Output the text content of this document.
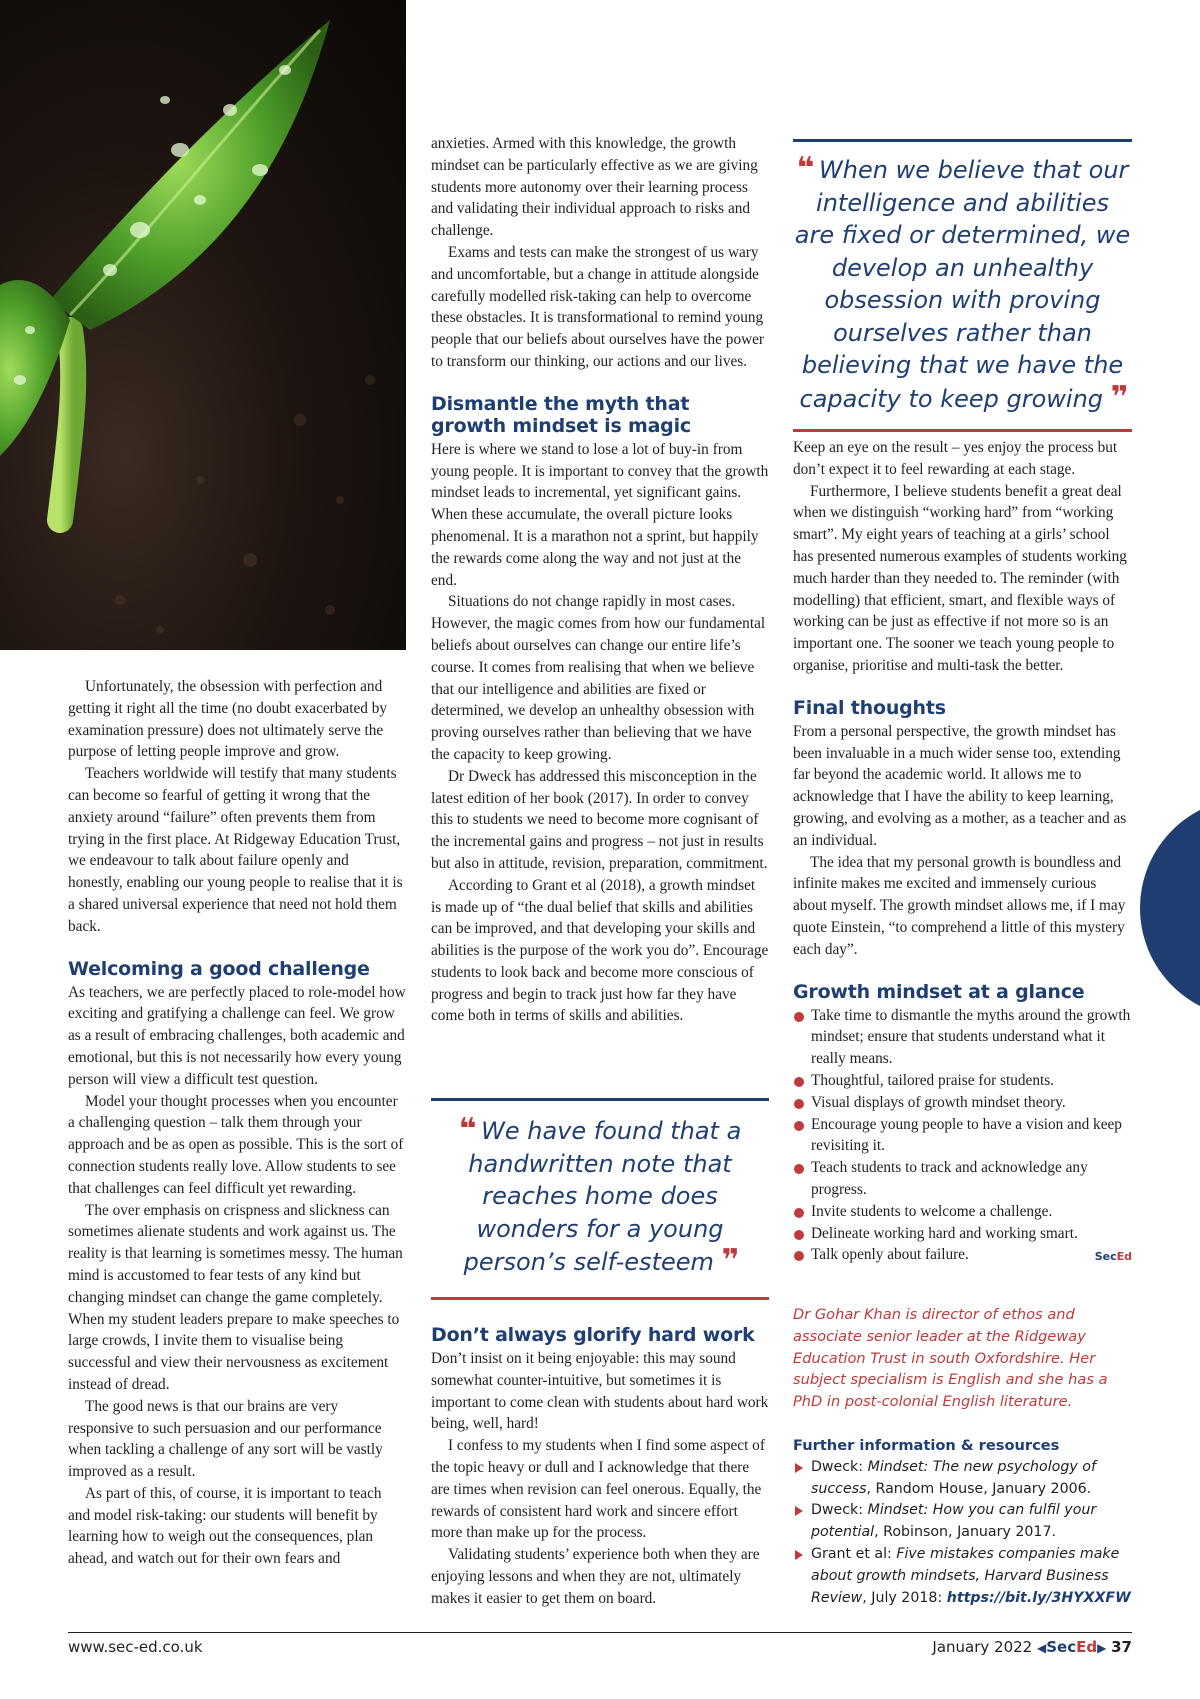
Unfortunately, the obsession with perfection and getting it right all the time (no doubt exacerbated by examination pressure) does not ultimately serve the purpose of letting people improve and grow.

Teachers worldwide will testify that many students can become so fearful of getting it wrong that the anxiety around “failure” often prevents them from trying in the first place. At Ridgeway Education Trust, we endeavour to talk about failure openly and honestly, enabling our young people to realise that it is a shared universal experience that need not hold them back.

Welcoming a good challenge

As teachers, we are perfectly placed to role-model how exciting and gratifying a challenge can feel. We grow as a result of embracing challenges, both academic and emotional, but this is not necessarily how every young person will view a difficult test question.

Model your thought processes when you encounter a challenging question – talk them through your approach and be as open as possible. This is the sort of connection students really love. Allow students to see that challenges can feel difficult yet rewarding.

The over emphasis on crispness and slickness can sometimes alienate students and work against us. The reality is that learning is sometimes messy. The human mind is accustomed to fear tests of any kind but changing mindset can change the game completely. When my student leaders prepare to make speeches to large crowds, I invite them to visualise being successful and view their nervousness as excitement instead of dread.

The good news is that our brains are very responsive to such persuasion and our performance when tackling a challenge of any sort will be vastly improved as a result.

As part of this, of course, it is important to teach and model risk-taking: our students will benefit by learning how to weigh out the consequences, plan ahead, and watch out for their own fears and

anxieties. Armed with this knowledge, the growth mindset can be particularly effective as we are giving students more autonomy over their learning process and validating their individual approach to risks and challenge.

Exams and tests can make the strongest of us wary and uncomfortable, but a change in attitude alongside carefully modelled risk-taking can help to overcome these obstacles. It is transformational to remind young people that our beliefs about ourselves have the power to transform our thinking, our actions and our lives.

Dismantle the myth that growth mindset is magic

Here is where we stand to lose a lot of buy-in from young people. It is important to convey that the growth mindset leads to incremental, yet significant gains. When these accumulate, the overall picture looks phenomenal. It is a marathon not a sprint, but happily the rewards come along the way and not just at the end.

Situations do not change rapidly in most cases. However, the magic comes from how our fundamental beliefs about ourselves can change our entire life’s course. It comes from realising that when we believe that our intelligence and abilities are fixed or determined, we develop an unhealthy obsession with proving ourselves rather than believing that we have the capacity to keep growing.

Dr Dweck has addressed this misconception in the latest edition of her book (2017). In order to convey this to students we need to become more cognisant of the incremental gains and progress – not just in results but also in attitude, revision, preparation, commitment.

According to Grant et al (2018), a growth mindset is made up of “the dual belief that skills and abilities can be improved, and that developing your skills and abilities is the purpose of the work you do”. Encourage students to look back and become more conscious of progress and begin to track just how far they have come both in terms of skills and abilities.

❛❛ We have found that a handwritten note that reaches home does wonders for a young person’s self-esteem ❜❜
Don’t always glorify hard work

Don’t insist on it being enjoyable: this may sound somewhat counter-intuitive, but sometimes it is important to come clean with students about hard work being, well, hard!

I confess to my students when I find some aspect of the topic heavy or dull and I acknowledge that there are times when revision can feel onerous. Equally, the rewards of consistent hard work and sincere effort more than make up for the process.

Validating students’ experience both when they are enjoying lessons and when they are not, ultimately makes it easier to get them on board.

❛❛ When we believe that our intelligence and abilities are fixed or determined, we develop an unhealthy obsession with proving ourselves rather than believing that we have the capacity to keep growing ❜❜

Keep an eye on the result – yes enjoy the process but don’t expect it to feel rewarding at each stage.

Furthermore, I believe students benefit a great deal when we distinguish “working hard” from “working smart”. My eight years of teaching at a girls’ school has presented numerous examples of students working much harder than they needed to. The reminder (with modelling) that efficient, smart, and flexible ways of working can be just as effective if not more so is an important one. The sooner we teach young people to organise, prioritise and multi-task the better.

Final thoughts

From a personal perspective, the growth mindset has been invaluable in a much wider sense too, extending far beyond the academic world. It allows me to acknowledge that I have the ability to keep learning, growing, and evolving as a mother, as a teacher and as an individual.

The idea that my personal growth is boundless and infinite makes me excited and immensely curious about myself. The growth mindset allows me, if I may quote Einstein, “to comprehend a little of this mystery each day”.

Growth mindset at a glance
Take time to dismantle the myths around the growth mindset; ensure that students understand what it really means.
Thoughtful, tailored praise for students.
Visual displays of growth mindset theory.
Encourage young people to have a vision and keep revisiting it.
Teach students to track and acknowledge any progress.
Invite students to welcome a challenge.
Delineate working hard and working smart.
Talk openly about failure.	SecEd
Dr Gohar Khan is director of ethos and associate senior leader at the Ridgeway Education Trust in south Oxfordshire. Her subject specialism is English and she has a PhD in post-colonial English literature.
Further information & resources
Dweck: Mindset: The new psychology of success, Random House, January 2006.
Dweck: Mindset: How you can fulfil your potential, Robinson, January 2017.
Grant et al: Five mistakes companies make about growth mindsets, Harvard Business Review, July 2018: https://bit.ly/3HYXXFW
www.sec-ed.co.uk	January 2022 ◀SecEd▶ 37
